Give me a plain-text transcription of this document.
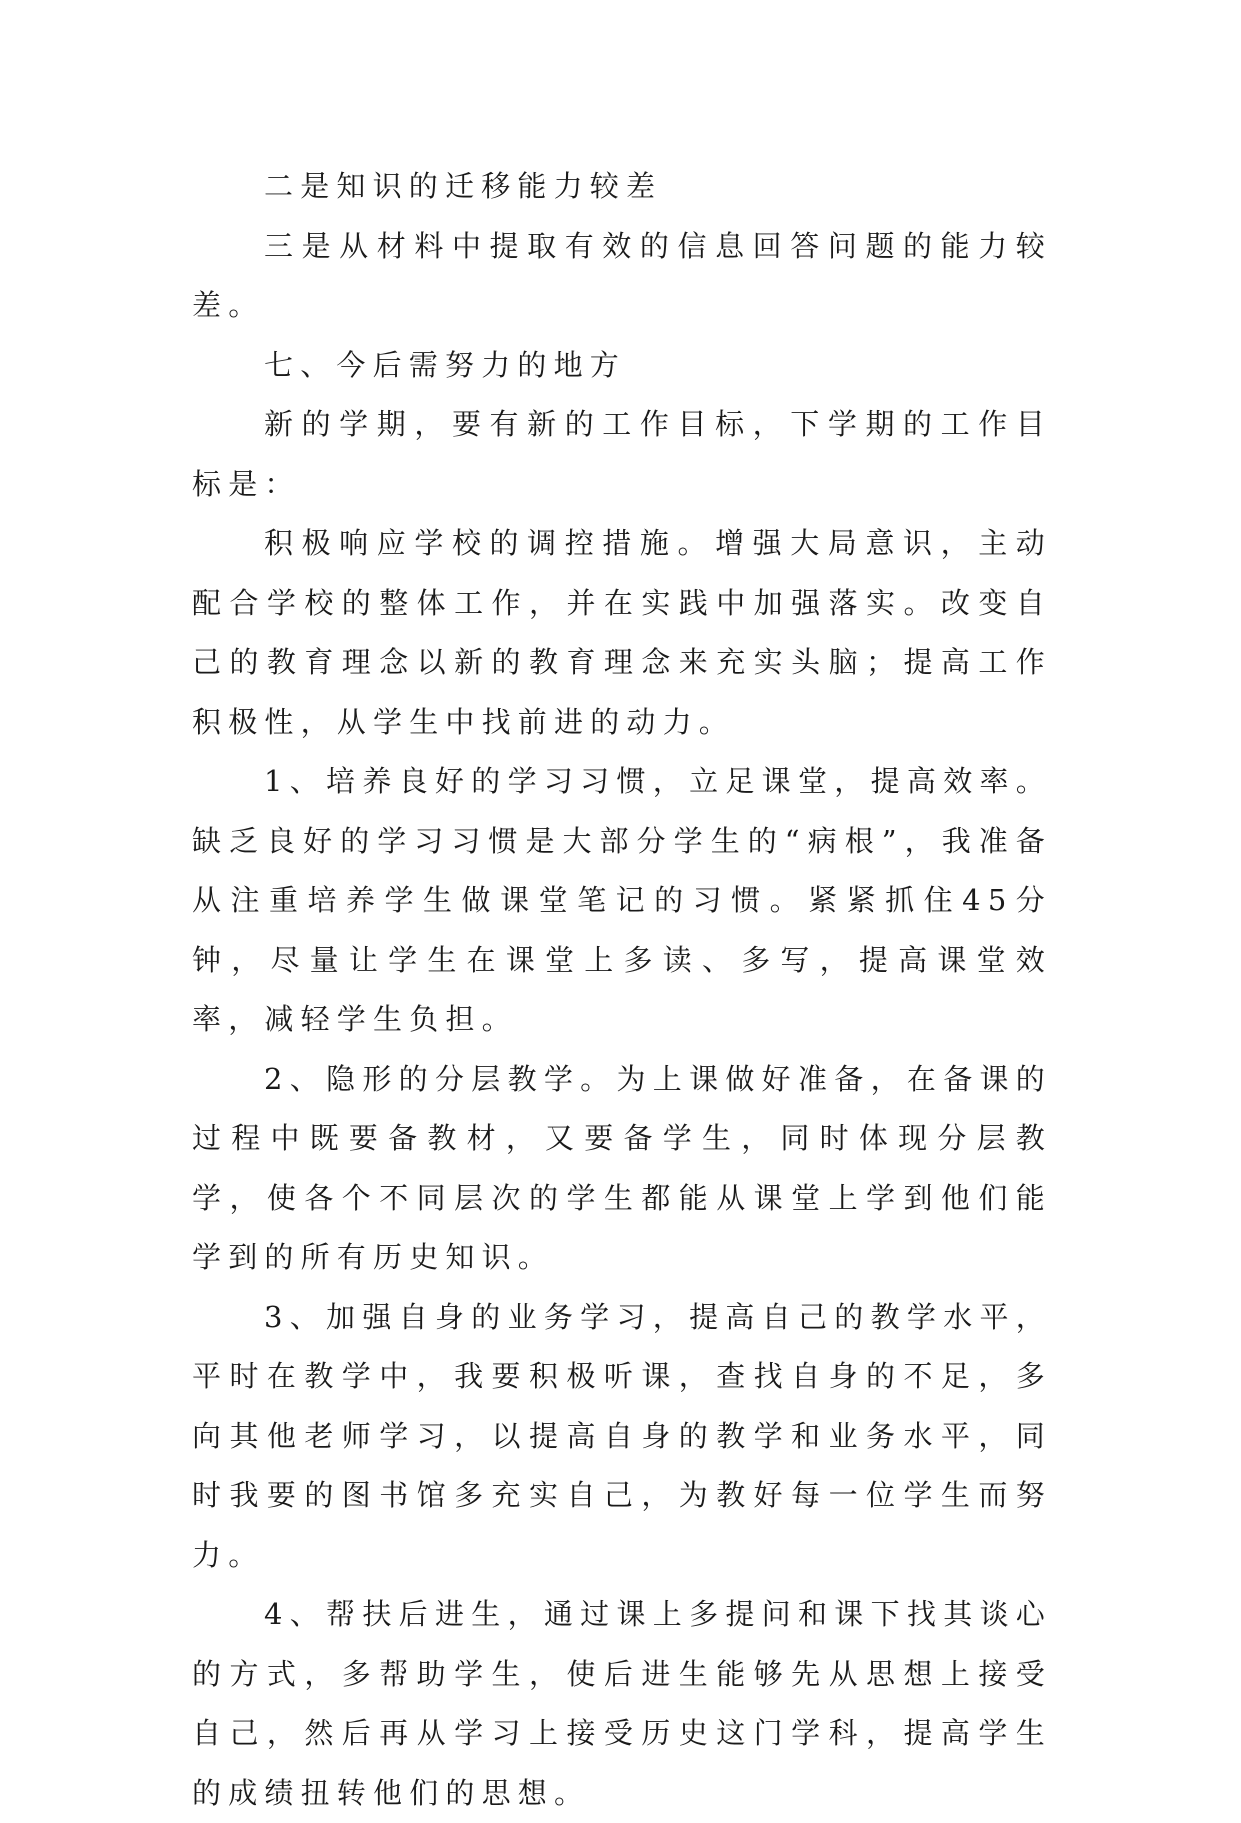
二是知识的迁移能力较差

三是从材料中提取有效的信息回答问题的能力较差。

七、今后需努力的地方

新的学期，要有新的工作目标，下学期的工作目标是：

积极响应学校的调控措施。增强大局意识，主动配合学校的整体工作，并在实践中加强落实。改变自己的教育理念以新的教育理念来充实头脑；提高工作积极性，从学生中找前进的动力。

1、培养良好的学习习惯，立足课堂，提高效率。缺乏良好的学习习惯是大部分学生的“病根”，我准备从注重培养学生做课堂笔记的习惯。紧紧抓住45分钟，尽量让学生在课堂上多读、多写，提高课堂效率，减轻学生负担。

2、隐形的分层教学。为上课做好准备，在备课的过程中既要备教材，又要备学生，同时体现分层教学，使各个不同层次的学生都能从课堂上学到他们能学到的所有历史知识。

3、加强自身的业务学习，提高自己的教学水平，平时在教学中，我要积极听课，查找自身的不足，多向其他老师学习，以提高自身的教学和业务水平，同时我要的图书馆多充实自己，为教好每一位学生而努力。

4、帮扶后进生，通过课上多提问和课下找其谈心的方式，多帮助学生，使后进生能够先从思想上接受自己，然后再从学习上接受历史这门学科，提高学生的成绩扭转他们的思想。
